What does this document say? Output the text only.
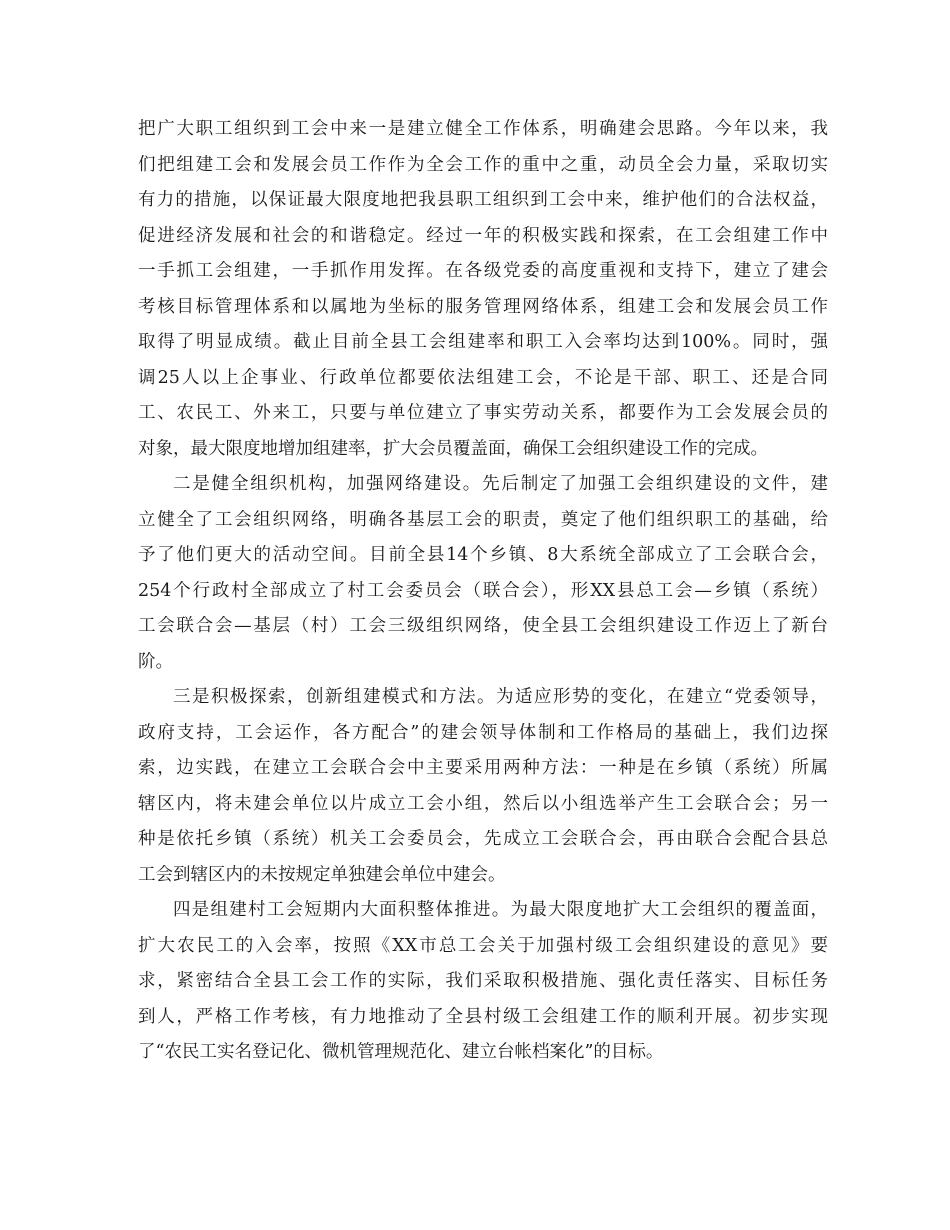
把广大职工组织到工会中来一是建立健全工作体系，明确建会思路。今年以来，我
们把组建工会和发展会员工作作为全会工作的重中之重，动员全会力量，采取切实
有力的措施，以保证最大限度地把我县职工组织到工会中来，维护他们的合法权益，
促进经济发展和社会的和谐稳定。经过一年的积极实践和探索，在工会组建工作中
一手抓工会组建，一手抓作用发挥。在各级党委的高度重视和支持下，建立了建会
考核目标管理体系和以属地为坐标的服务管理网络体系，组建工会和发展会员工作
取得了明显成绩。截止目前全县工会组建率和职工入会率均达到100%。同时，强
调25人以上企事业、行政单位都要依法组建工会，不论是干部、职工、还是合同
工、农民工、外来工，只要与单位建立了事实劳动关系，都要作为工会发展会员的
对象，最大限度地增加组建率，扩大会员覆盖面，确保工会组织建设工作的完成。
二是健全组织机构，加强网络建设。先后制定了加强工会组织建设的文件，建
立健全了工会组织网络，明确各基层工会的职责，奠定了他们组织职工的基础，给
予了他们更大的活动空间。目前全县14个乡镇、8大系统全部成立了工会联合会，
254个行政村全部成立了村工会委员会（联合会），形XX县总工会—乡镇（系统）
工会联合会—基层（村）工会三级组织网络，使全县工会组织建设工作迈上了新台
阶。
三是积极探索，创新组建模式和方法。为适应形势的变化，在建立“党委领导，
政府支持，工会运作，各方配合”的建会领导体制和工作格局的基础上，我们边探
索，边实践，在建立工会联合会中主要采用两种方法：一种是在乡镇（系统）所属
辖区内，将未建会单位以片成立工会小组，然后以小组选举产生工会联合会；另一
种是依托乡镇（系统）机关工会委员会，先成立工会联合会，再由联合会配合县总
工会到辖区内的未按规定单独建会单位中建会。
四是组建村工会短期内大面积整体推进。为最大限度地扩大工会组织的覆盖面，
扩大农民工的入会率，按照《XX市总工会关于加强村级工会组织建设的意见》要
求，紧密结合全县工会工作的实际，我们采取积极措施、强化责任落实、目标任务
到人，严格工作考核，有力地推动了全县村级工会组建工作的顺利开展。初步实现
了“农民工实名登记化、微机管理规范化、建立台帐档案化”的目标。
